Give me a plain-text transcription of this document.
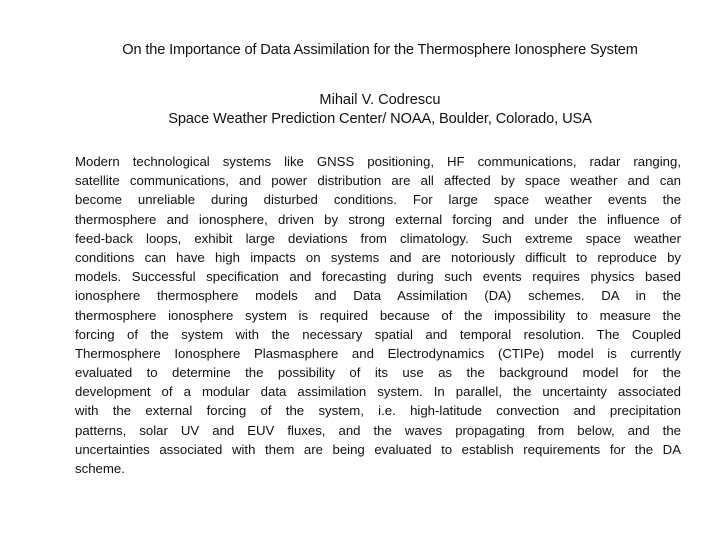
On the Importance of Data Assimilation for the Thermosphere Ionosphere System
Mihail V. Codrescu
Space Weather Prediction Center/ NOAA, Boulder, Colorado, USA
Modern technological systems like GNSS positioning, HF communications, radar ranging,
satellite communications, and power distribution are all affected by space weather and can
become unreliable during disturbed conditions. For large space weather events the
thermosphere and ionosphere, driven by strong external forcing and under the influence of
feed-back loops, exhibit large deviations from climatology. Such extreme space weather
conditions can have high impacts on systems and are notoriously difficult to reproduce by
models. Successful specification and forecasting during such events requires physics based
ionosphere thermosphere models and Data Assimilation (DA) schemes. DA in the
thermosphere ionosphere system is required because of the impossibility to measure the
forcing of the system with the necessary spatial and temporal resolution. The Coupled
Thermosphere Ionosphere Plasmasphere and Electrodynamics (CTIPe) model is currently
evaluated to determine the possibility of its use as the background model for the
development of a modular data assimilation system. In parallel, the uncertainty associated
with the external forcing of the system, i.e. high-latitude convection and precipitation
patterns, solar UV and EUV fluxes, and the waves propagating from below, and the
uncertainties associated with them are being evaluated to establish requirements for the DA
scheme.
